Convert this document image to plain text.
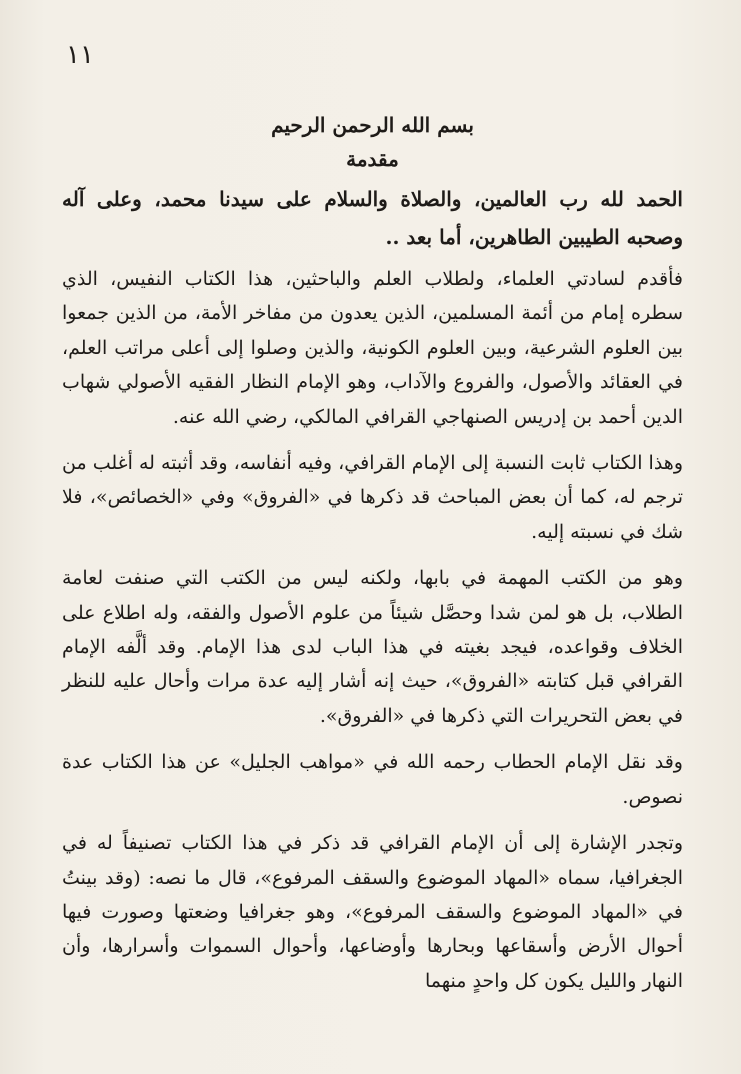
١١
بسم الله الرحمن الرحيم
مقدمة

الحمد لله رب العالمين، والصلاة والسلام على سيدنا محمد، وعلى آله وصحبه الطيبين الطاهرين، أما بعد ..

فأقدم لسادتي العلماء، ولطلاب العلم والباحثين، هذا الكتاب النفيس، الذي سطره إمام من أئمة المسلمين، الذين يعدون من مفاخر الأمة، من الذين جمعوا بين العلوم الشرعية، وبين العلوم الكونية، والذين وصلوا إلى أعلى مراتب العلم، في العقائد والأصول، والفروع والآداب، وهو الإمام النظار الفقيه الأصولي شهاب الدين أحمد بن إدريس الصنهاجي القرافي المالكي، رضي الله عنه.

وهذا الكتاب ثابت النسبة إلى الإمام القرافي، وفيه أنفاسه، وقد أثبته له أغلب من ترجم له، كما أن بعض المباحث قد ذكرها في «الفروق» وفي «الخصائص»، فلا شك في نسبته إليه.

وهو من الكتب المهمة في بابها، ولكنه ليس من الكتب التي صنفت لعامة الطلاب، بل هو لمن شدا وحصَّل شيئاً من علوم الأصول والفقه، وله اطلاع على الخلاف وقواعده، فيجد بغيته في هذا الباب لدى هذا الإمام. وقد ألَّفه الإمام القرافي قبل كتابته «الفروق»، حيث إنه أشار إليه عدة مرات وأحال عليه للنظر في بعض التحريرات التي ذكرها في «الفروق».

وقد نقل الإمام الحطاب رحمه الله في «مواهب الجليل» عن هذا الكتاب عدة نصوص.

وتجدر الإشارة إلى أن الإمام القرافي قد ذكر في هذا الكتاب تصنيفاً له في الجغرافيا، سماه «المهاد الموضوع والسقف المرفوع»، قال ما نصه: (وقد بينتُ في «المهاد الموضوع والسقف المرفوع»، وهو جغرافيا وضعتها وصورت فيها أحوال الأرض وأسقاعها وبحارها وأوضاعها، وأحوال السموات وأسرارها، وأن النهار والليل يكون كل واحدٍ منهما
